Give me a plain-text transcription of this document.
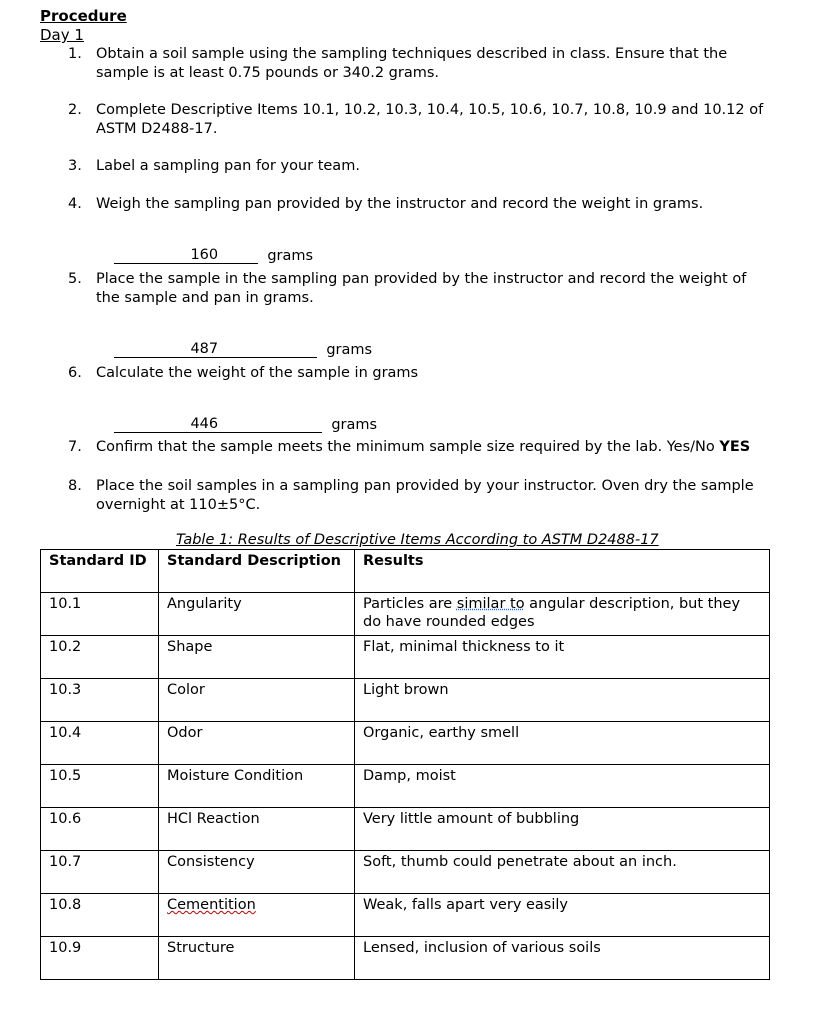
Procedure
Day 1
1. Obtain a soil sample using the sampling techniques described in class. Ensure that the sample is at least 0.75 pounds or 340.2 grams.
2. Complete Descriptive Items 10.1, 10.2, 10.3, 10.4, 10.5, 10.6, 10.7, 10.8, 10.9 and 10.12 of ASTM D2488-17.
3. Label a sampling pan for your team.
4. Weigh the sampling pan provided by the instructor and record the weight in grams.

160	grams

5. Place the sample in the sampling pan provided by the instructor and record the weight of the sample and pan in grams.

487	grams

6. Calculate the weight of the sample in grams

446	grams

7. Confirm that the sample meets the minimum sample size required by the lab. Yes/No YES
8. Place the soil samples in a sampling pan provided by your instructor. Oven dry the sample overnight at 110±5°C.
Table 1: Results of Descriptive Items According to ASTM D2488-17
Standard ID	Standard Description	Results
10.1	Angularity	Particles are similar to angular description, but they do have rounded edges
10.2	Shape	Flat, minimal thickness to it
10.3	Color	Light brown
10.4	Odor	Organic, earthy smell
10.5	Moisture Condition	Damp, moist
10.6	HCl Reaction	Very little amount of bubbling
10.7	Consistency	Soft, thumb could penetrate about an inch.
10.8	Cementition	Weak, falls apart very easily
10.9	Structure	Lensed, inclusion of various soils
